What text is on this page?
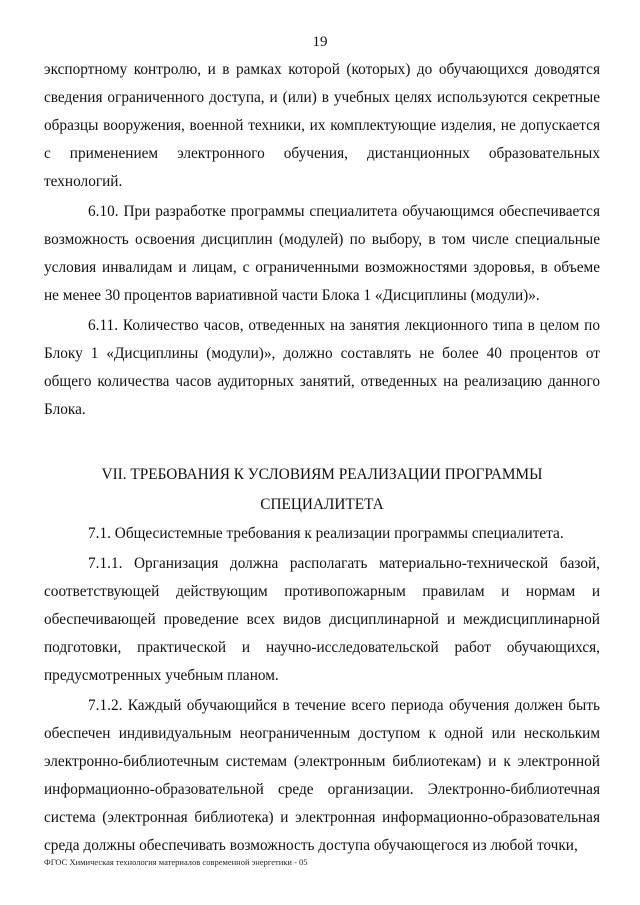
19

экспортному контролю, и в рамках которой (которых) до обучающихся доводятся сведения ограниченного доступа, и (или) в учебных целях используются секретные образцы вооружения, военной техники, их комплектующие изделия, не допускается с применением электронного обучения, дистанционных образовательных технологий.

6.10. При разработке программы специалитета обучающимся обеспечивается возможность освоения дисциплин (модулей) по выбору, в том числе специальные условия инвалидам и лицам, с ограниченными возможностями здоровья, в объеме не менее 30 процентов вариативной части Блока 1 «Дисциплины (модули)».

6.11. Количество часов, отведенных на занятия лекционного типа в целом по Блоку 1 «Дисциплины (модули)», должно составлять не более 40 процентов от общего количества часов аудиторных занятий, отведенных на реализацию данного Блока.

VII. ТРЕБОВАНИЯ К УСЛОВИЯМ РЕАЛИЗАЦИИ ПРОГРАММЫ
СПЕЦИАЛИТЕТА

7.1. Общесистемные требования к реализации программы специалитета.

7.1.1. Организация должна располагать материально-технической базой, соответствующей действующим противопожарным правилам и нормам и обеспечивающей проведение всех видов дисциплинарной и междисциплинарной подготовки, практической и научно-исследовательской работ обучающихся, предусмотренных учебным планом.

7.1.2. Каждый обучающийся в течение всего периода обучения должен быть обеспечен индивидуальным неограниченным доступом к одной или нескольким электронно-библиотечным системам (электронным библиотекам) и к электронной информационно-образовательной среде организации. Электронно-библиотечная система (электронная библиотека) и электронная информационно-образовательная среда должны обеспечивать возможность доступа обучающегося из любой точки,

ФГОС Химическая технология материалов современной энергетики - 05
